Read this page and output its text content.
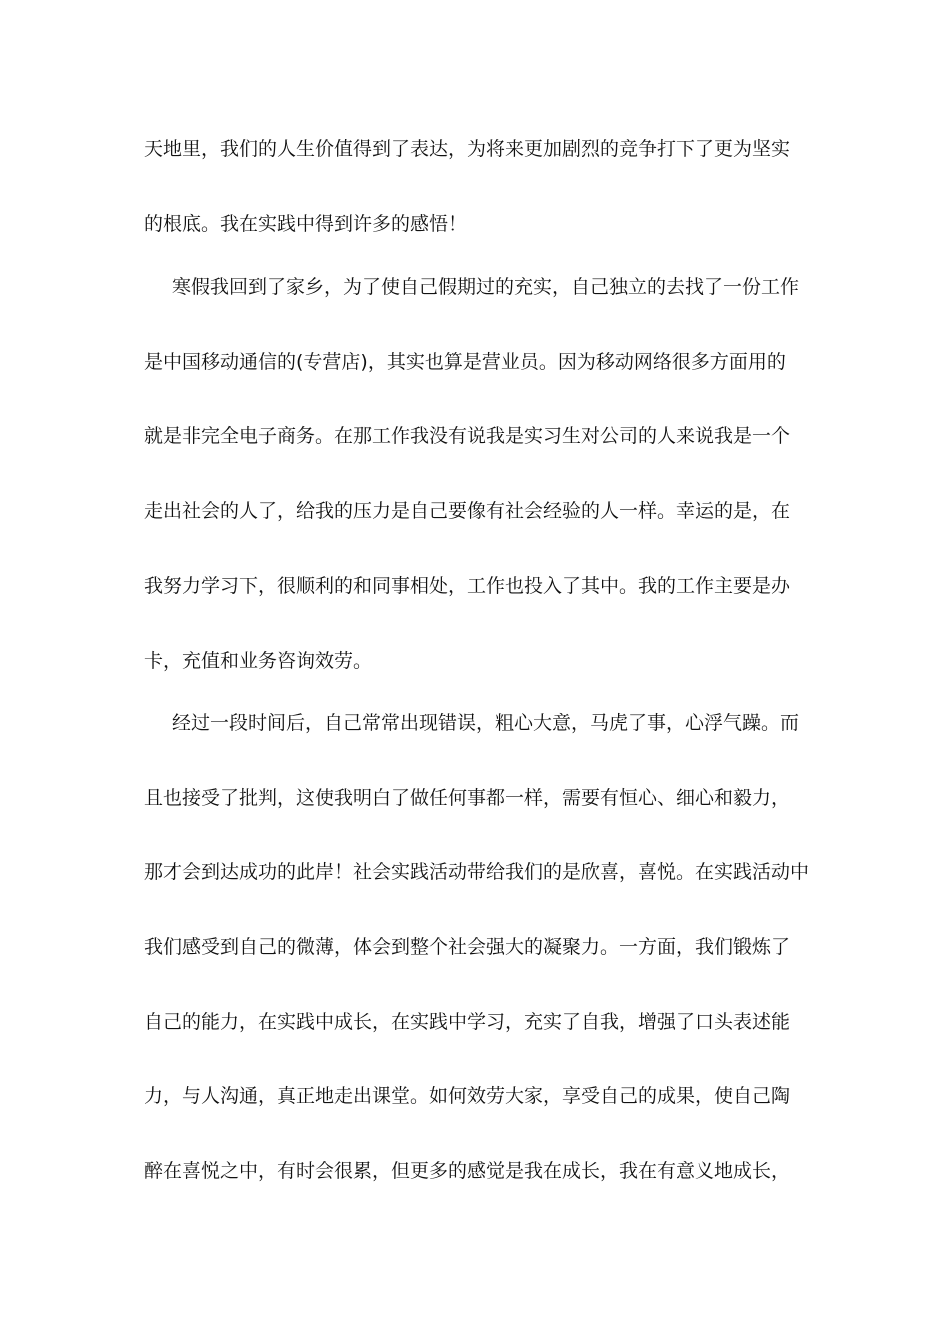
天地里，我们的人生价值得到了表达，为将来更加剧烈的竞争打下了更为坚实
的根底。我在实践中得到许多的感悟！
寒假我回到了家乡，为了使自己假期过的充实，自己独立的去找了一份工作
是中国移动通信的(专营店)，其实也算是营业员。因为移动网络很多方面用的
就是非完全电子商务。在那工作我没有说我是实习生对公司的人来说我是一个
走出社会的人了，给我的压力是自己要像有社会经验的人一样。幸运的是，在
我努力学习下，很顺利的和同事相处，工作也投入了其中。我的工作主要是办
卡，充值和业务咨询效劳。
经过一段时间后，自己常常出现错误，粗心大意，马虎了事，心浮气躁。而
且也接受了批判，这使我明白了做任何事都一样，需要有恒心、细心和毅力，
那才会到达成功的此岸！社会实践活动带给我们的是欣喜，喜悦。在实践活动中
我们感受到自己的微薄，体会到整个社会强大的凝聚力。一方面，我们锻炼了
自己的能力，在实践中成长，在实践中学习，充实了自我，增强了口头表述能
力，与人沟通，真正地走出课堂。如何效劳大家，享受自己的成果，使自己陶
醉在喜悦之中，有时会很累，但更多的感觉是我在成长，我在有意义地成长，
